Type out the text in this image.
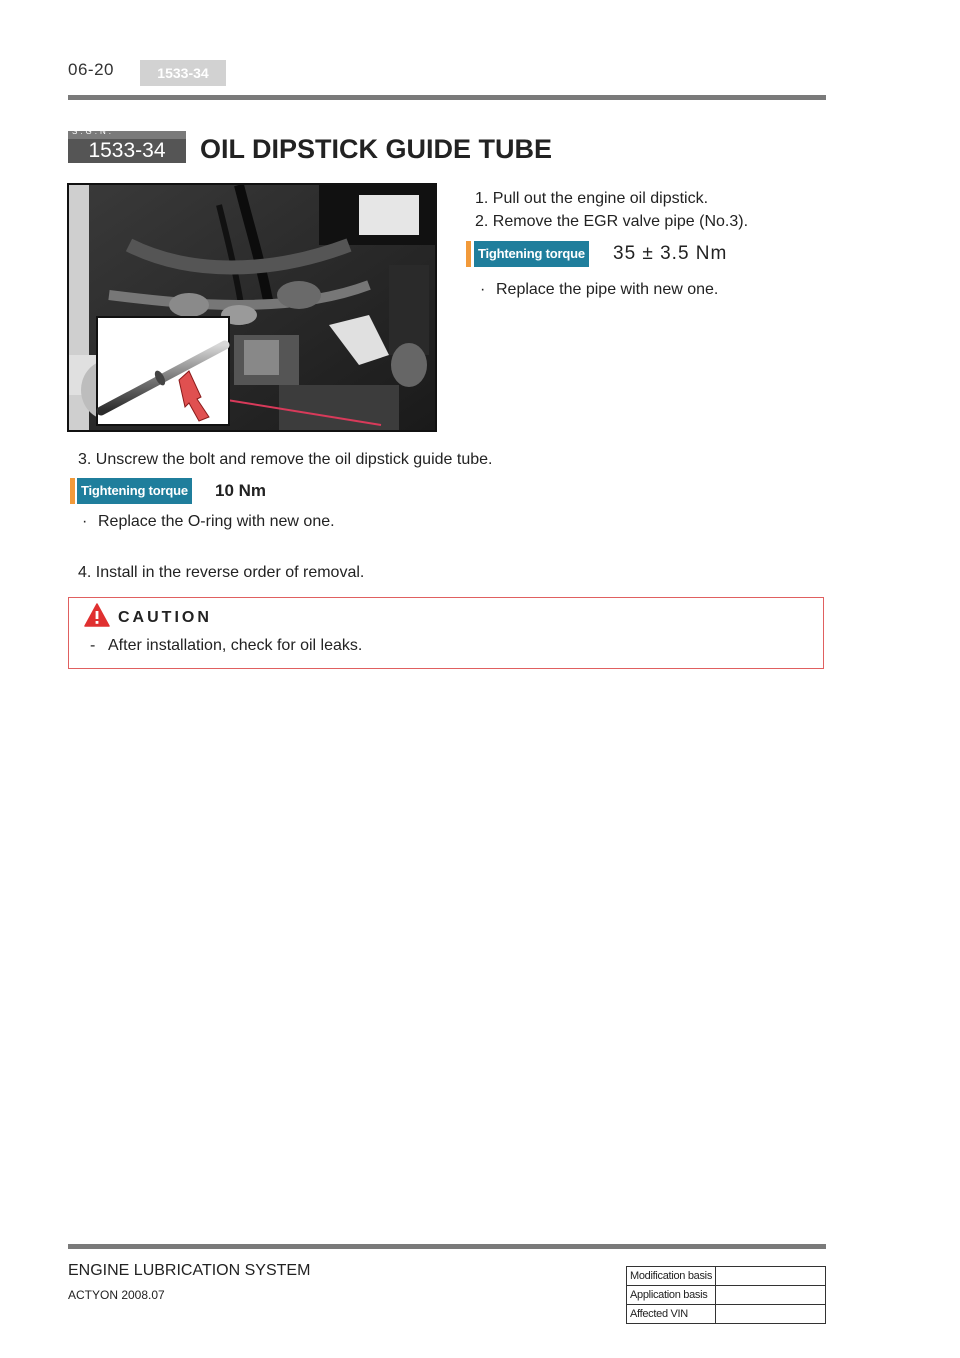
06-20	1533-34
S.G.N.
1533-34	OIL DIPSTICK GUIDE TUBE
1. Pull out the engine oil dipstick.
2. Remove the EGR valve pipe (No.3).
Tightening torque 35 ± 3.5 Nm
· Replace the pipe with new one.
3. Unscrew the bolt and remove the oil dipstick guide tube.
Tightening torque 10 Nm
· Replace the O-ring with new one.
4. Install in the reverse order of removal.
CAUTION
- After installation, check for oil leaks.
ENGINE LUBRICATION SYSTEM
ACTYON 2008.07
Modification basis	
Application basis	
Affected VIN	
